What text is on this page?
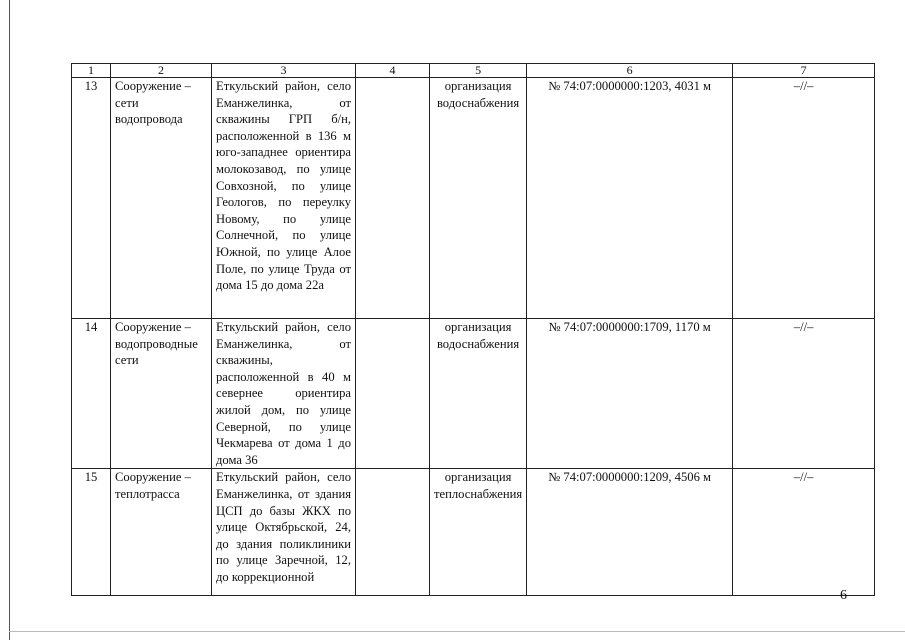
1	2	3	4	5	6	7
13	Сооружение – сети водопровода	Еткульский район, село Еманжелинка, от скважины ГРП б/н, расположенной в 136 м юго-западнее ориентира молокозавод, по улице Совхозной, по улице Геологов, по переулку Новому, по улице Солнечной, по улице Южной, по улице Алое Поле, по улице Труда от дома 15 до дома 22а		организация водоснабжения	№ 74:07:0000000:1203, 4031 м	–//–
14	Сооружение – водопроводные сети	Еткульский район, село Еманжелинка, от скважины, расположенной в 40 м севернее ориентира жилой дом, по улице Северной, по улице Чекмарева от дома 1 до дома 36		организация водоснабжения	№ 74:07:0000000:1709, 1170 м	–//–
15	Сооружение – теплотрасса	Еткульский район, село Еманжелинка, от здания ЦСП до базы ЖКХ по улице Октябрьской, 24, до здания поликлиники по улице Заречной, 12, до коррекционной		организация теплоснабжения	№ 74:07:0000000:1209, 4506 м	–//–
6
